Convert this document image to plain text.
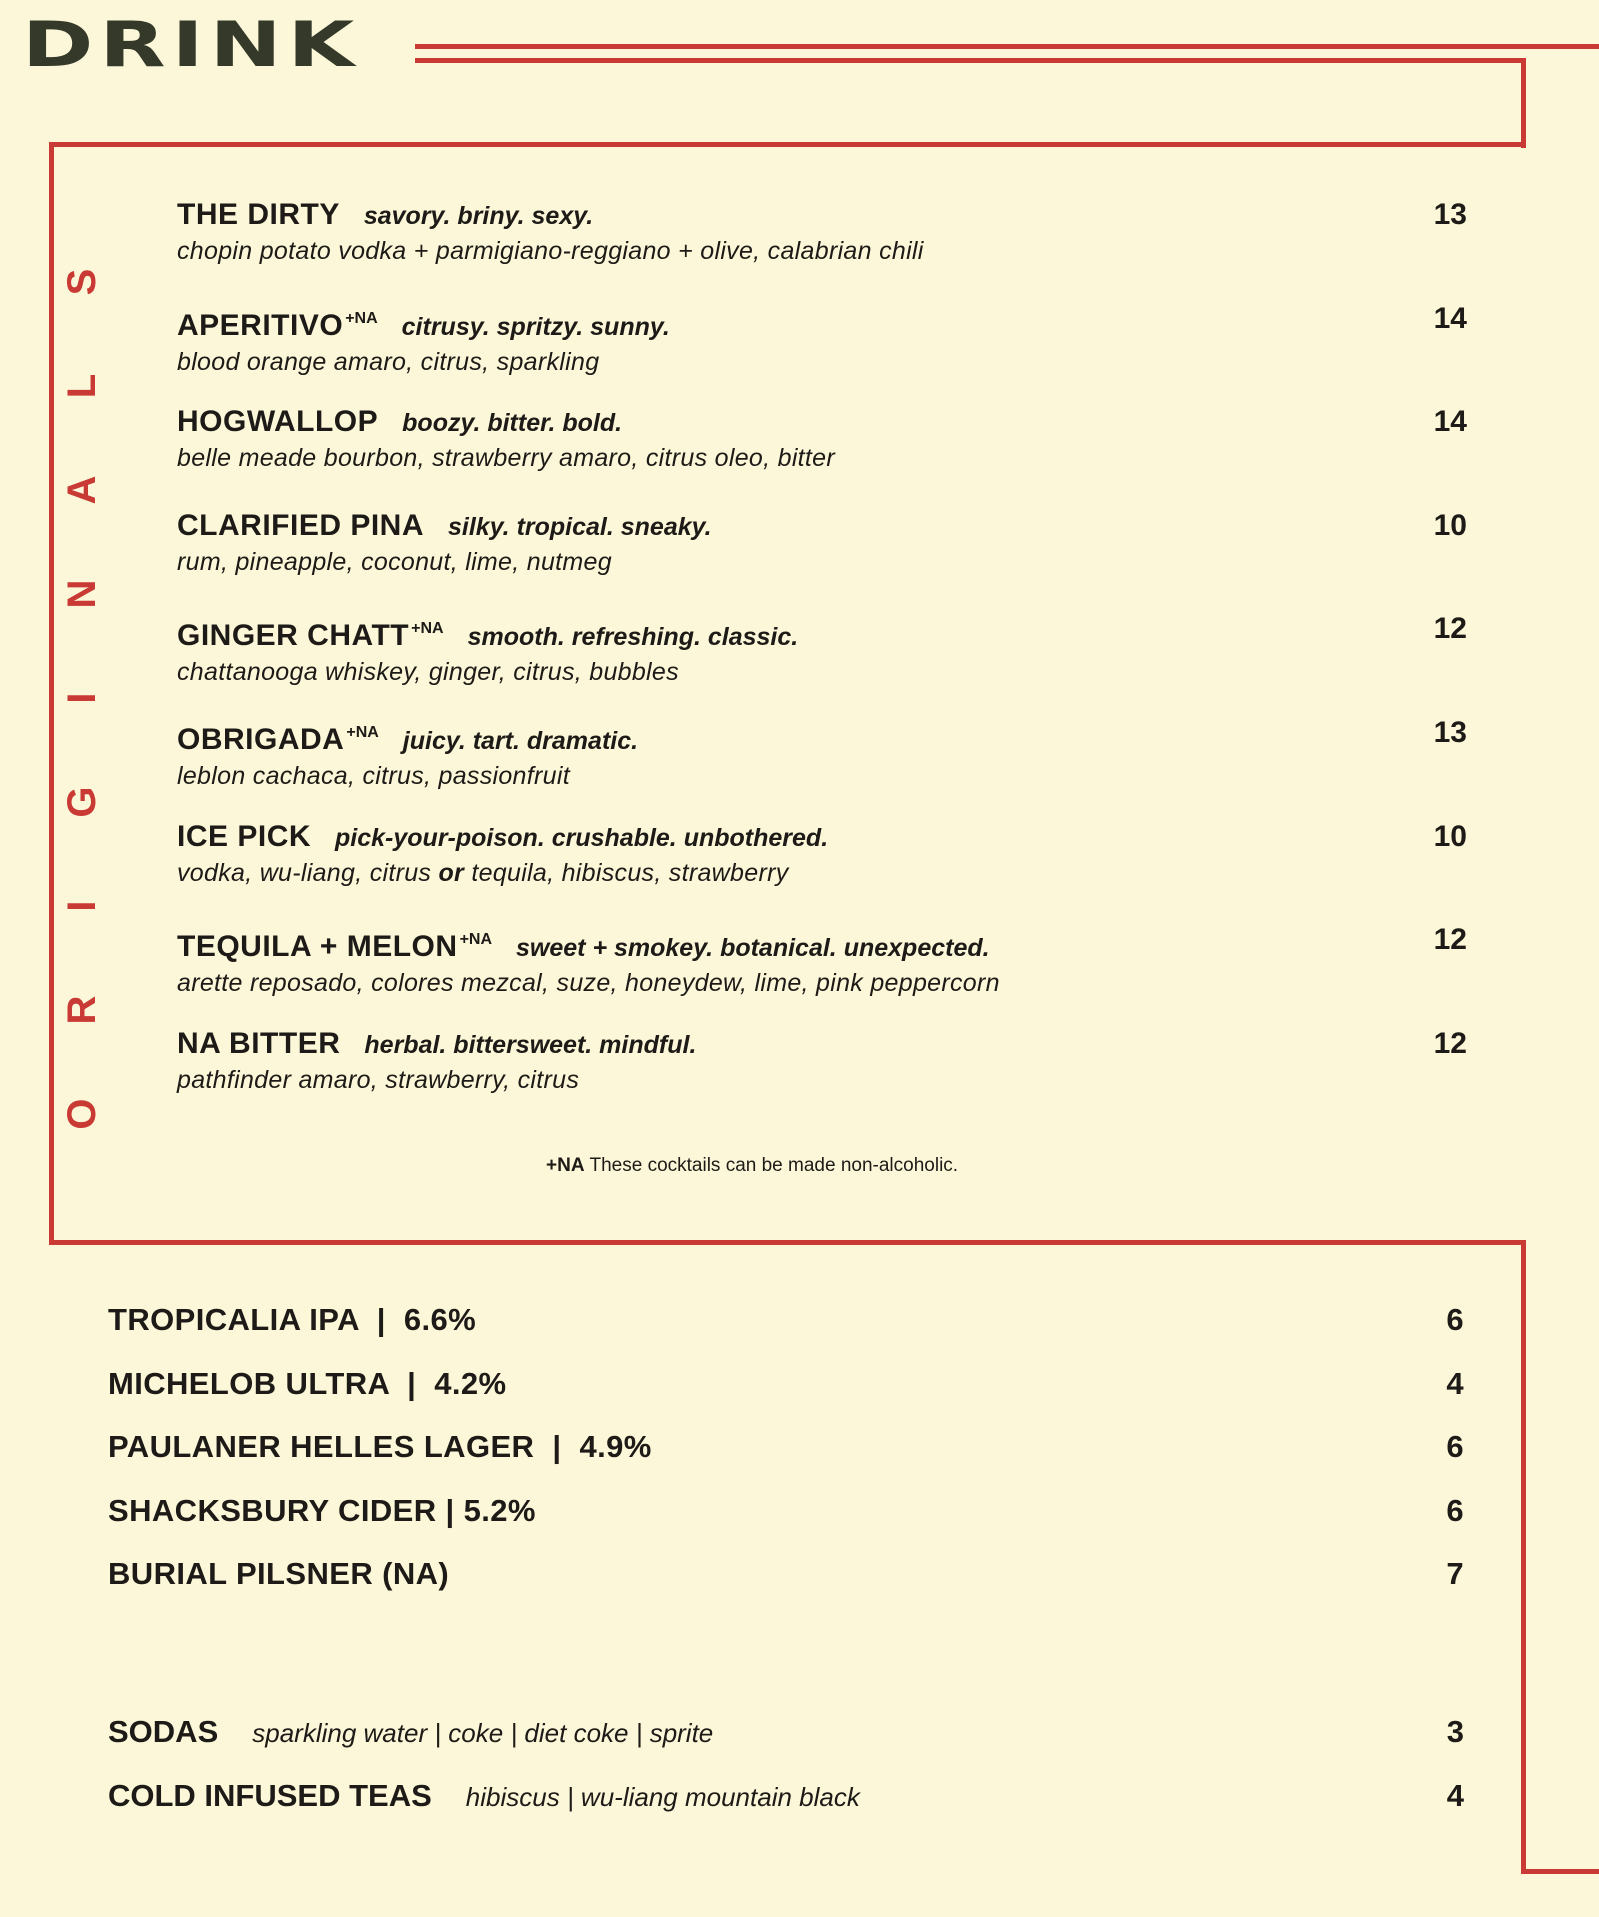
DRINK
S
L
A
N
I
G
I
R
O
THE DIRTY savory. briny. sexy.
chopin potato vodka + parmigiano-reggiano + olive, calabrian chili
13
APERITIVO $^{+NA}$ citrusy. spritzy. sunny.
blood orange amaro, citrus, sparkling
14
HOGWALLOP boozy. bitter. bold.
belle meade bourbon, strawberry amaro, citrus oleo, bitter
14
CLARIFIED PINA silky. tropical. sneaky.
rum, pineapple, coconut, lime, nutmeg
10
GINGER CHATT $^{+NA}$ smooth. refreshing. classic.
chattanooga whiskey, ginger, citrus, bubbles
12
OBRIGADA $^{+NA}$ juicy. tart. dramatic.
leblon cachaca, citrus, passionfruit
13
ICE PICK pick-your-poison. crushable. unbothered.
vodka, wu-liang, citrus or tequila, hibiscus, strawberry
10
TEQUILA + MELON $^{+NA}$ sweet + smokey. botanical. unexpected.
arette reposado, colores mezcal, suze, honeydew, lime, pink peppercorn
12
NA BITTER herbal. bittersweet. mindful.
pathfinder amaro, strawberry, citrus
12
+NA These cocktails can be made non-alcoholic.
TROPICALIA IPA  |  6.6%	6
MICHELOB ULTRA  |  4.2%	4
PAULANER HELLES LAGER  |  4.9%	6
SHACKSBURY CIDER | 5.2%	6
BURIAL PILSNER (NA)	7
SODAS sparkling water | coke | diet coke | sprite	3
COLD INFUSED TEAS hibiscus | wu-liang mountain black	4
